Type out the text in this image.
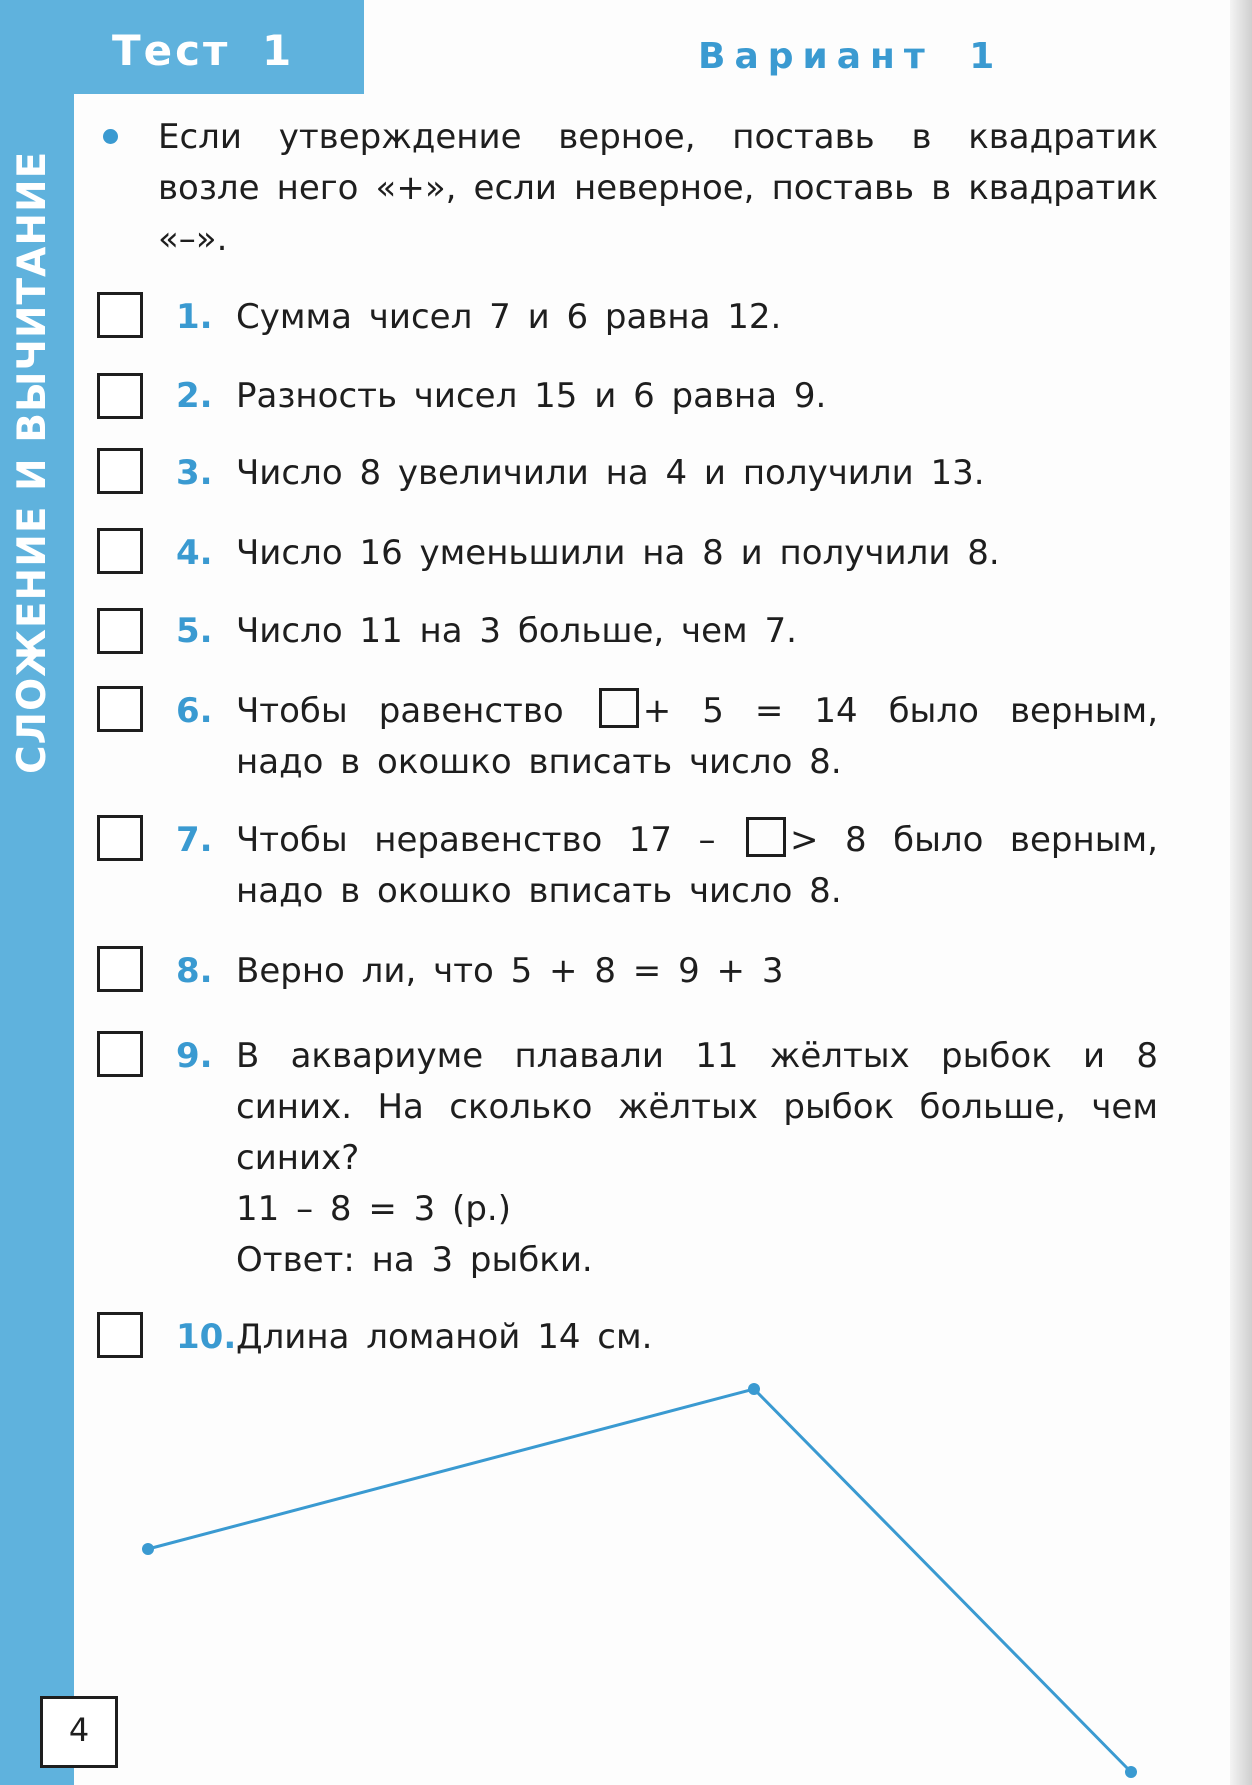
Тест 1	Вариант 1
СЛОЖЕНИЕ И ВЫЧИТАНИЕ
Если утверждение верное, поставь в квадратик возле него «+», если неверное, поставь в квадратик «–».
1. Сумма чисел 7 и 6 равна 12.
2. Разность чисел 15 и 6 равна 9.
3. Число 8 увеличили на 4 и получили 13.
4. Число 16 уменьшили на 8 и получили 8.
5. Число 11 на 3 больше, чем 7.
6. Чтобы равенство + 5 = 14 было верным, надо в окошко вписать число 8.
7. Чтобы неравенство 17 – > 8 было верным, надо в окошко вписать число 8.
8. Верно ли, что 5 + 8 = 9 + 3
9. В аквариуме плавали 11 жёлтых рыбок и 8 синих. На сколько жёлтых рыбок больше, чем синих?
11 – 8 = 3 (р.)
Ответ: на 3 рыбки.
10. Длина ломаной 14 см.
4
